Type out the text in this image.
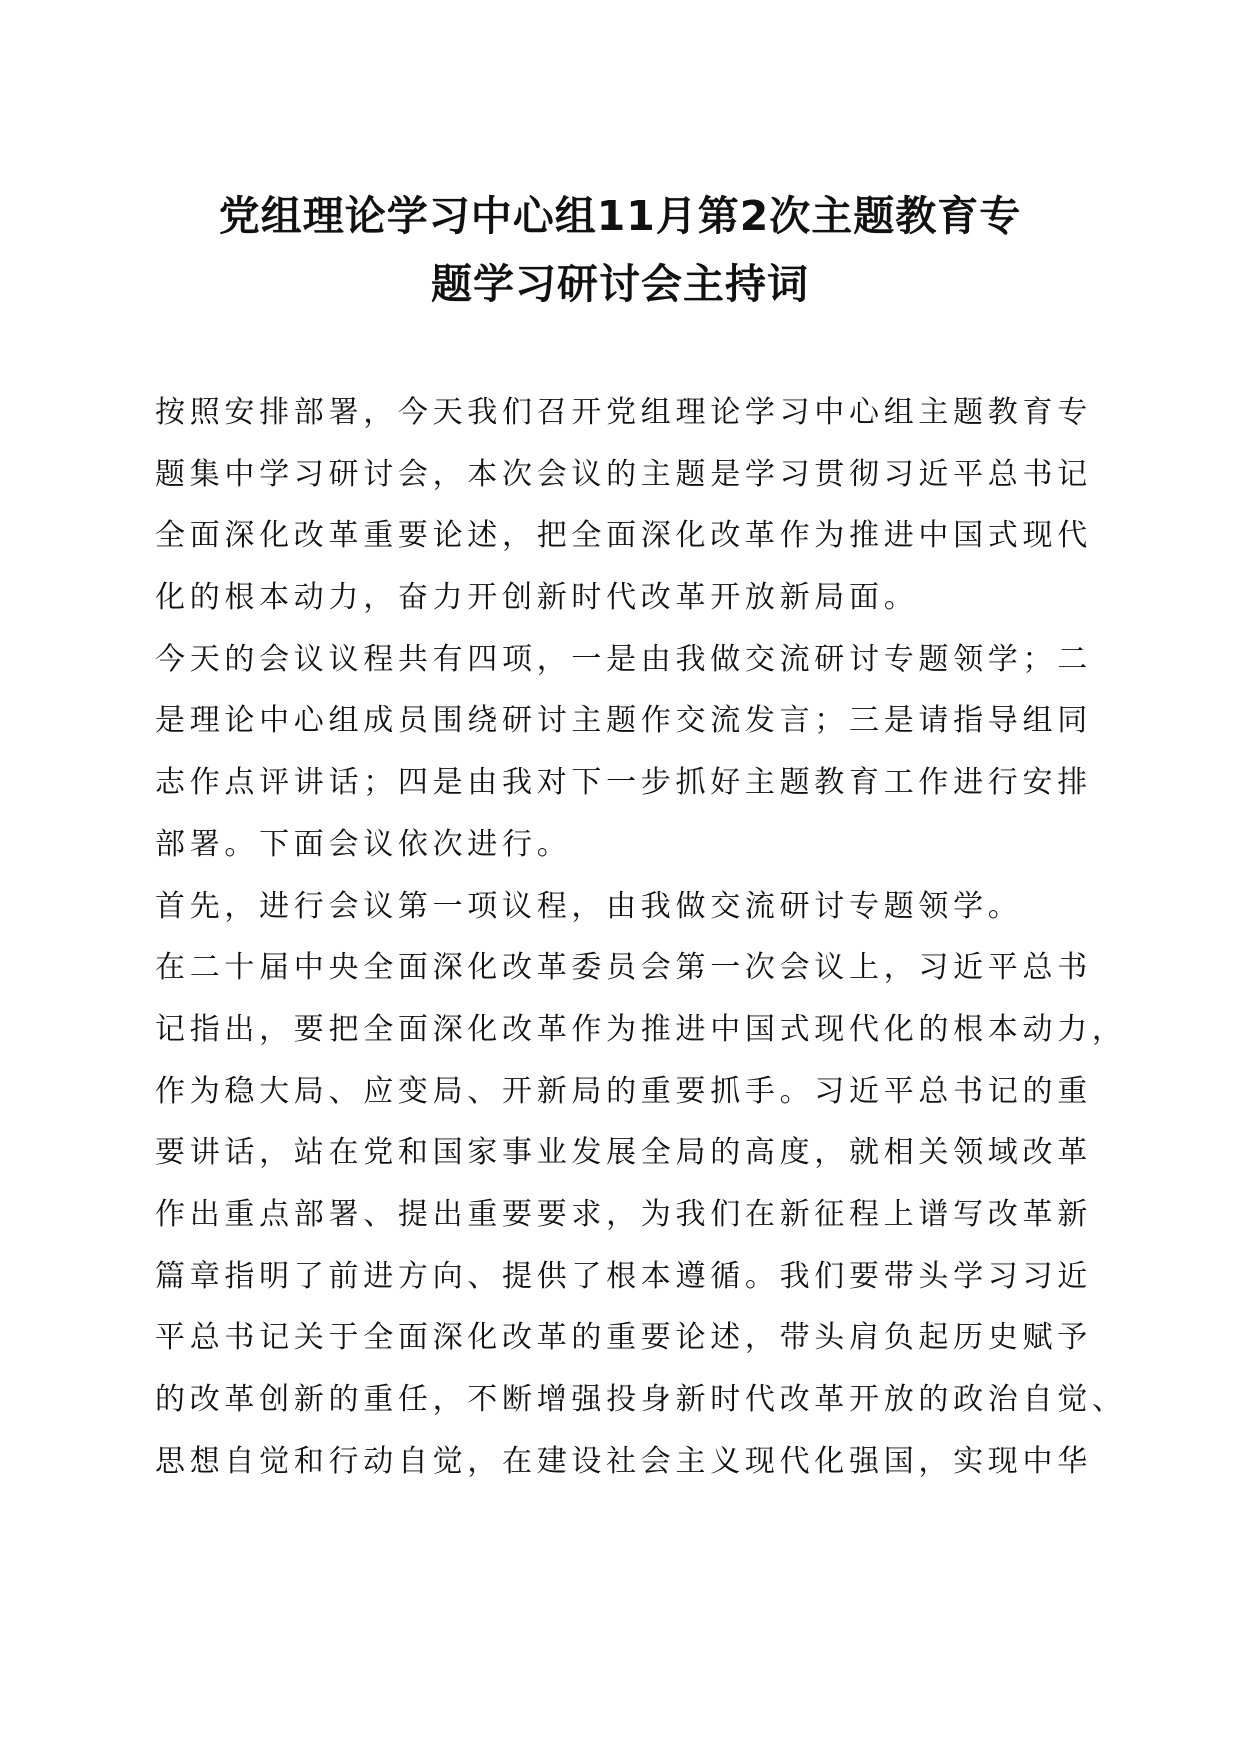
党组理论学习中心组11月第2次主题教育专
题学习研讨会主持词
按照安排部署，今天我们召开党组理论学习中心组主题教育专
题集中学习研讨会，本次会议的主题是学习贯彻习近平总书记
全面深化改革重要论述，把全面深化改革作为推进中国式现代
化的根本动力，奋力开创新时代改革开放新局面。
今天的会议议程共有四项，一是由我做交流研讨专题领学；二
是理论中心组成员围绕研讨主题作交流发言；三是请指导组同
志作点评讲话；四是由我对下一步抓好主题教育工作进行安排
部署。下面会议依次进行。
首先，进行会议第一项议程，由我做交流研讨专题领学。
在二十届中央全面深化改革委员会第一次会议上，习近平总书
记指出，要把全面深化改革作为推进中国式现代化的根本动力，
作为稳大局、应变局、开新局的重要抓手。习近平总书记的重
要讲话，站在党和国家事业发展全局的高度，就相关领域改革
作出重点部署、提出重要要求，为我们在新征程上谱写改革新
篇章指明了前进方向、提供了根本遵循。我们要带头学习习近
平总书记关于全面深化改革的重要论述，带头肩负起历史赋予
的改革创新的重任，不断增强投身新时代改革开放的政治自觉、
思想自觉和行动自觉，在建设社会主义现代化强国，实现中华
